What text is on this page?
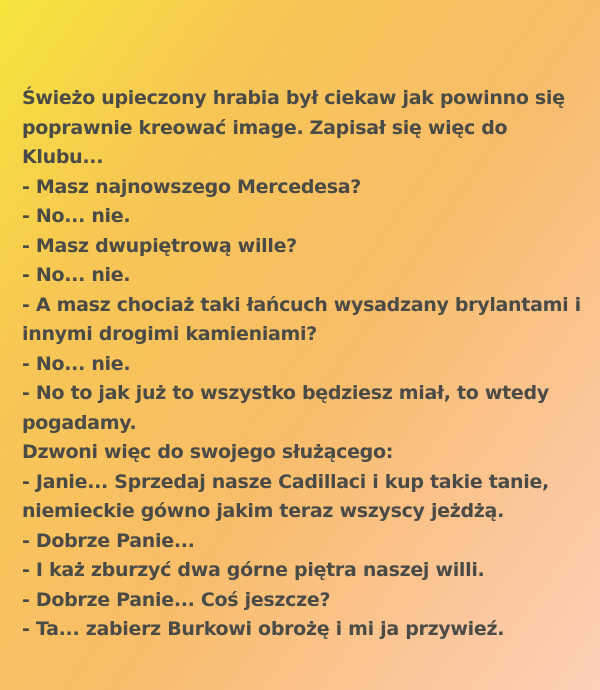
Świeżo upieczony hrabia był ciekaw jak powinno się
poprawnie kreować image. Zapisał się więc do
Klubu...
- Masz najnowszego Mercedesa?
- No... nie.
- Masz dwupiętrową wille?
- No... nie.
- A masz chociaż taki łańcuch wysadzany brylantami i
innymi drogimi kamieniami?
- No... nie.
- No to jak już to wszystko będziesz miał, to wtedy
pogadamy.
Dzwoni więc do swojego służącego:
- Janie... Sprzedaj nasze Cadillaci i kup takie tanie,
niemieckie gówno jakim teraz wszyscy jeżdżą.
- Dobrze Panie...
- I każ zburzyć dwa górne piętra naszej willi.
- Dobrze Panie... Coś jeszcze?
- Ta... zabierz Burkowi obrożę i mi ja przywieź.
